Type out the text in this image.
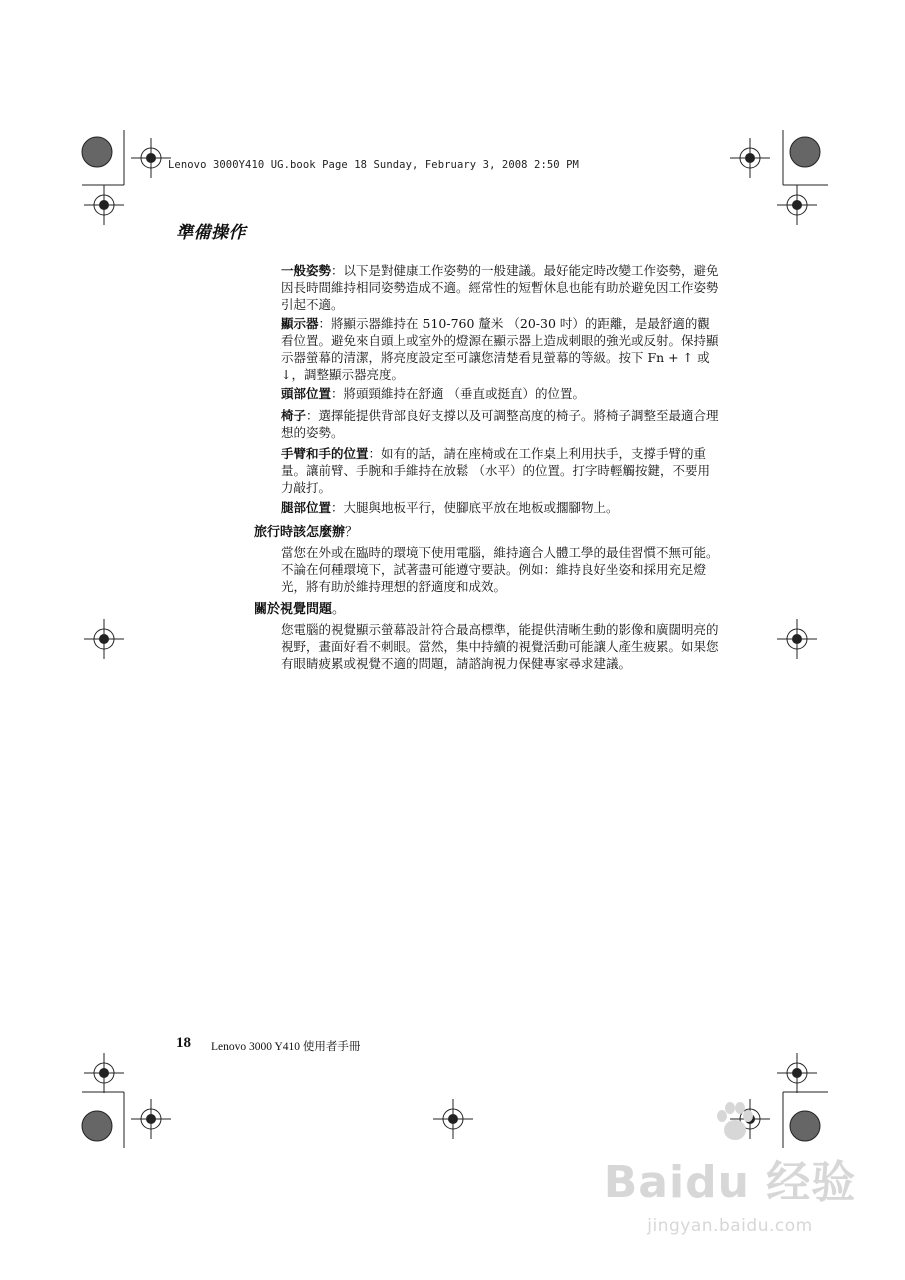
Lenovo 3000Y410 UG.book Page 18 Sunday, February 3, 2008 2:50 PM
準備操作
一般姿勢：以下是對健康工作姿勢的一般建議。最好能定時改變工作姿勢，避免因長時間維持相同姿勢造成不適。經常性的短暫休息也能有助於避免因工作姿勢引起不適。
顯示器：將顯示器維持在 510-760 釐米 （20-30 吋）的距離，是最舒適的觀看位置。避免來自頭上或室外的燈源在顯示器上造成刺眼的強光或反射。保持顯示器螢幕的清潔，將亮度設定至可讓您清楚看見螢幕的等級。按下 Fn + ↑ 或 ↓，調整顯示器亮度。
頭部位置：將頭頸維持在舒適 （垂直或挺直）的位置。
椅子：選擇能提供背部良好支撐以及可調整高度的椅子。將椅子調整至最適合理想的姿勢。
手臂和手的位置：如有的話，請在座椅或在工作桌上利用扶手，支撐手臂的重量。讓前臂、手腕和手維持在放鬆 （水平）的位置。打字時輕觸按鍵，不要用力敲打。
腿部位置：大腿與地板平行，使腳底平放在地板或擱腳物上。
旅行時該怎麼辦？
當您在外或在臨時的環境下使用電腦，維持適合人體工學的最佳習慣不無可能。不論在何種環境下，試著盡可能遵守要訣。例如：維持良好坐姿和採用充足燈光，將有助於維持理想的舒適度和成效。
關於視覺問題。
您電腦的視覺顯示螢幕設計符合最高標準，能提供清晰生動的影像和廣闊明亮的視野，畫面好看不刺眼。當然，集中持續的視覺活動可能讓人產生疲累。如果您有眼睛疲累或視覺不適的問題，請諮詢視力保健專家尋求建議。
18 Lenovo 3000 Y410 使用者手冊
Baidu 经验
jingyan.baidu.com
